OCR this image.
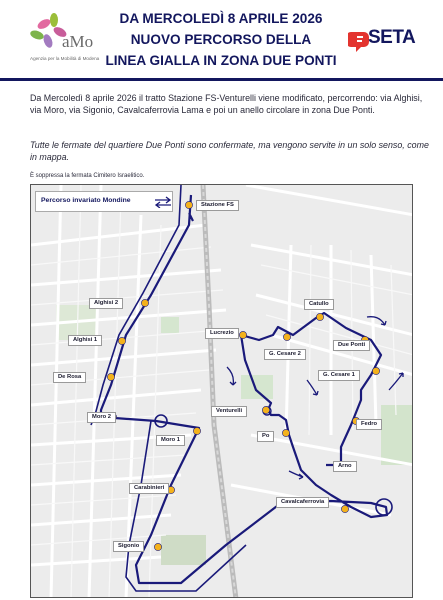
aMo
Agenzia per la Mobilità di Modena
DA MERCOLEDÌ 8 APRILE 2026
NUOVO PERCORSO DELLA
LINEA GIALLA IN ZONA DUE PONTI
SETA
Da Mercoledì 8 aprile 2026 il tratto Stazione FS-Venturelli viene modificato, percorrendo: via Alghisi, via Moro, via Sigonio, Cavalcaferrovia Lama e poi un anello circolare in zona Due Ponti.
Tutte le fermate del quartiere Due Ponti sono confermate, ma vengono servite in un solo senso, come in mappa.
È soppressa la fermata Cimitero Israelitico.
Percorso invariato Mondine
Stazione FS
Alghisi 2
Alghisi 1
De Rosa
Moro 2
Moro 1
Carabinieri
Sigonio
Lucrezio
Catullo
G. Cesare 2
Due Ponti
G. Cesare 1
Venturelli
Po
Fedro
Arno
Cavalcaferrovia
